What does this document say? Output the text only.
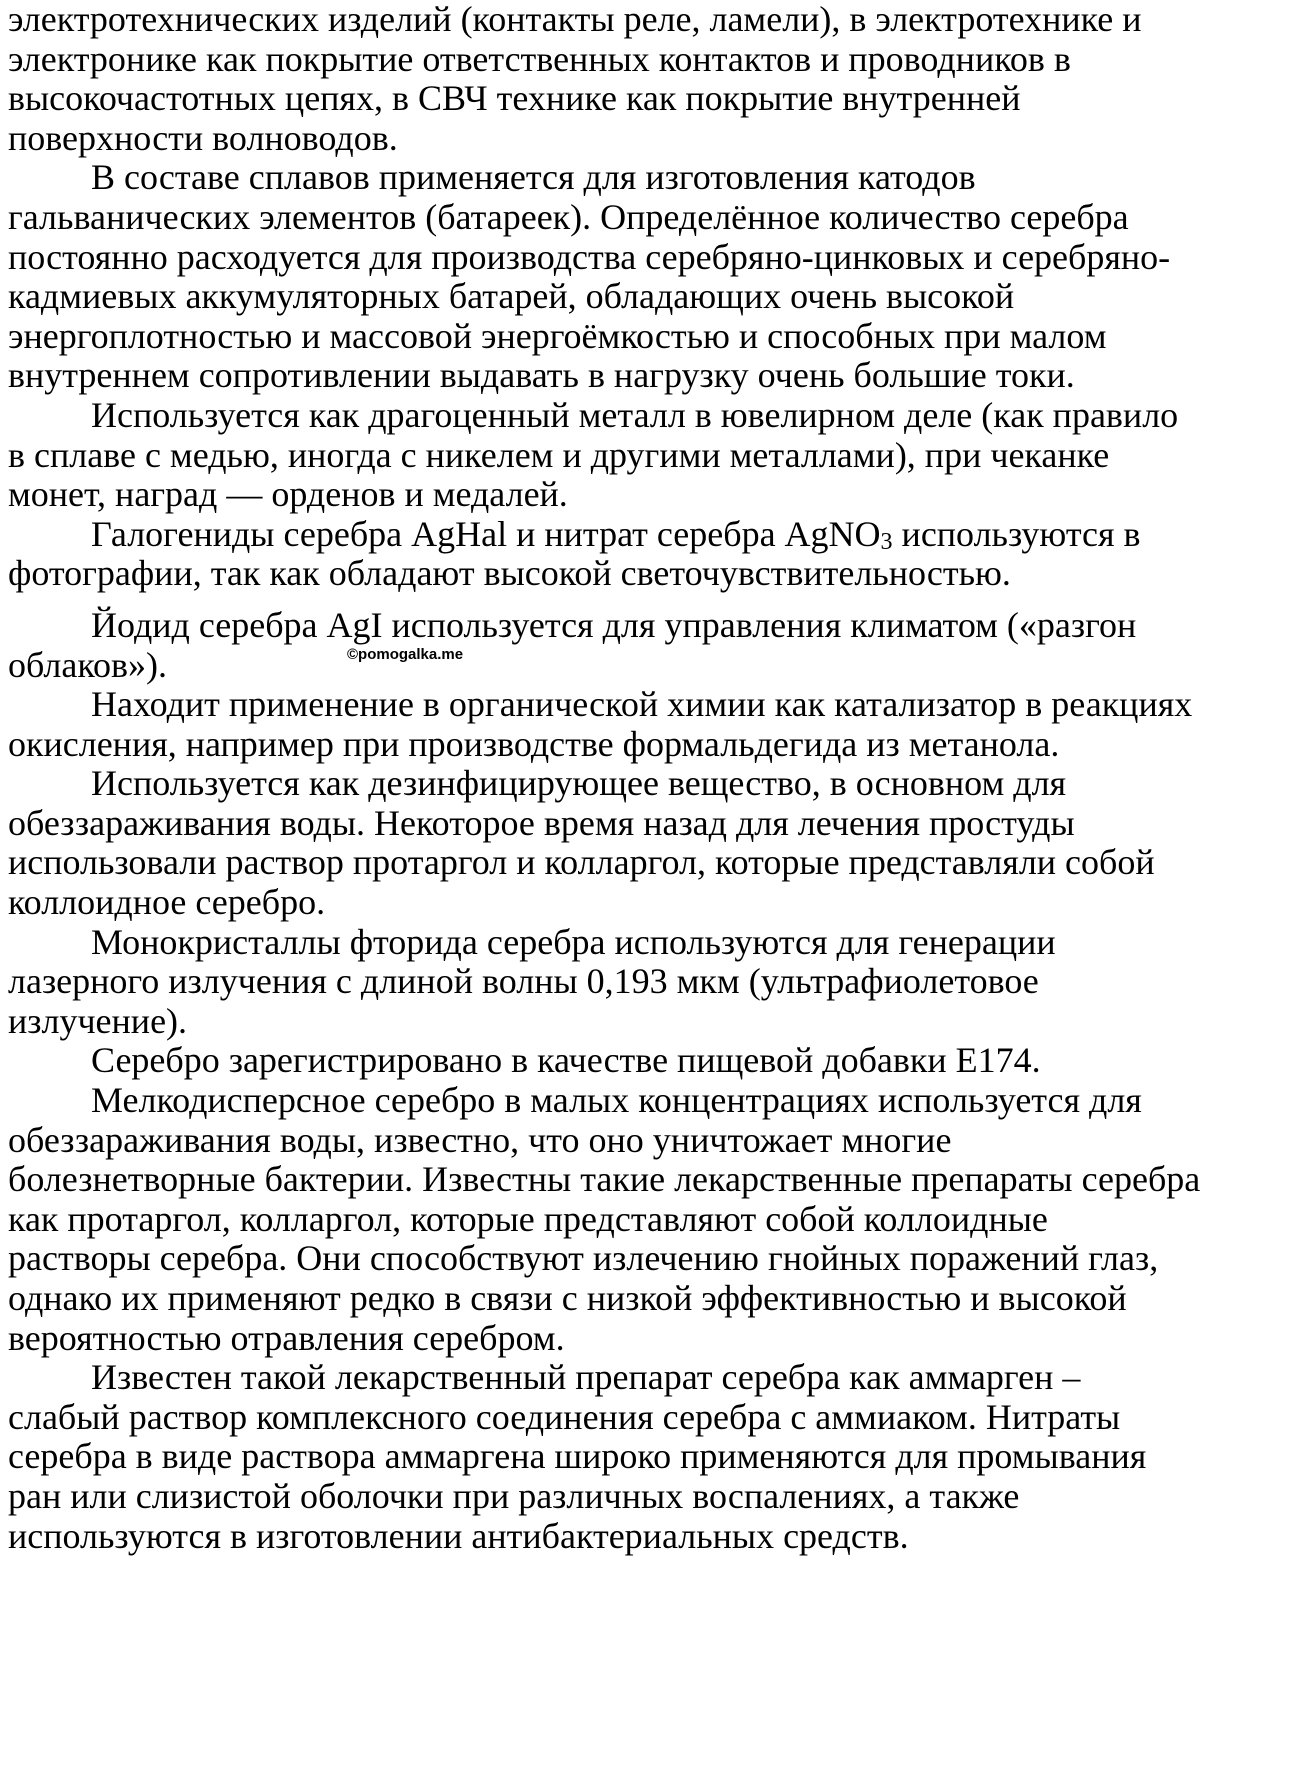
электротехнических изделий (контакты реле, ламели), в электротехнике и
электронике как покрытие ответственных контактов и проводников в
высокочастотных цепях, в СВЧ технике как покрытие внутренней
поверхности волноводов.
В составе сплавов применяется для изготовления катодов
гальванических элементов (батареек). Определённое количество серебра
постоянно расходуется для производства серебряно-цинковых и серебряно-
кадмиевых аккумуляторных батарей, обладающих очень высокой
энергоплотностью и массовой энергоёмкостью и способных при малом
внутреннем сопротивлении выдавать в нагрузку очень большие токи.
Используется как драгоценный металл в ювелирном деле (как правило
в сплаве с медью, иногда с никелем и другими металлами), при чеканке
монет, наград — орденов и медалей.
Галогениды серебра AgHal и нитрат серебра AgNO3 используются в
фотографии, так как обладают высокой светочувствительностью.
Йодид серебра AgI используется для управления климатом («разгон
облаков»).
Находит применение в органической химии как катализатор в реакциях
окисления, например при производстве формальдегида из метанола.
Используется как дезинфицирующее вещество, в основном для
обеззараживания воды. Некоторое время назад для лечения простуды
использовали раствор протаргол и колларгол, которые представляли собой
коллоидное серебро.
Монокристаллы фторида серебра используются для генерации
лазерного излучения с длиной волны 0,193 мкм (ультрафиолетовое
излучение).
Серебро зарегистрировано в качестве пищевой добавки E174.
Мелкодисперсное серебро в малых концентрациях используется для
обеззараживания воды, известно, что оно уничтожает многие
болезнетворные бактерии. Известны такие лекарственные препараты серебра
как протаргол, колларгол, которые представляют собой коллоидные
растворы серебра. Они способствуют излечению гнойных поражений глаз,
однако их применяют редко в связи с низкой эффективностью и высокой
вероятностью отравления серебром.
Известен такой лекарственный препарат серебра как аммарген –
слабый раствор комплексного соединения серебра с аммиаком. Нитраты
серебра в виде раствора аммаргена широко применяются для промывания
ран или слизистой оболочки при различных воспалениях, а также
используются в изготовлении антибактериальных средств.
©pomogalka.me
